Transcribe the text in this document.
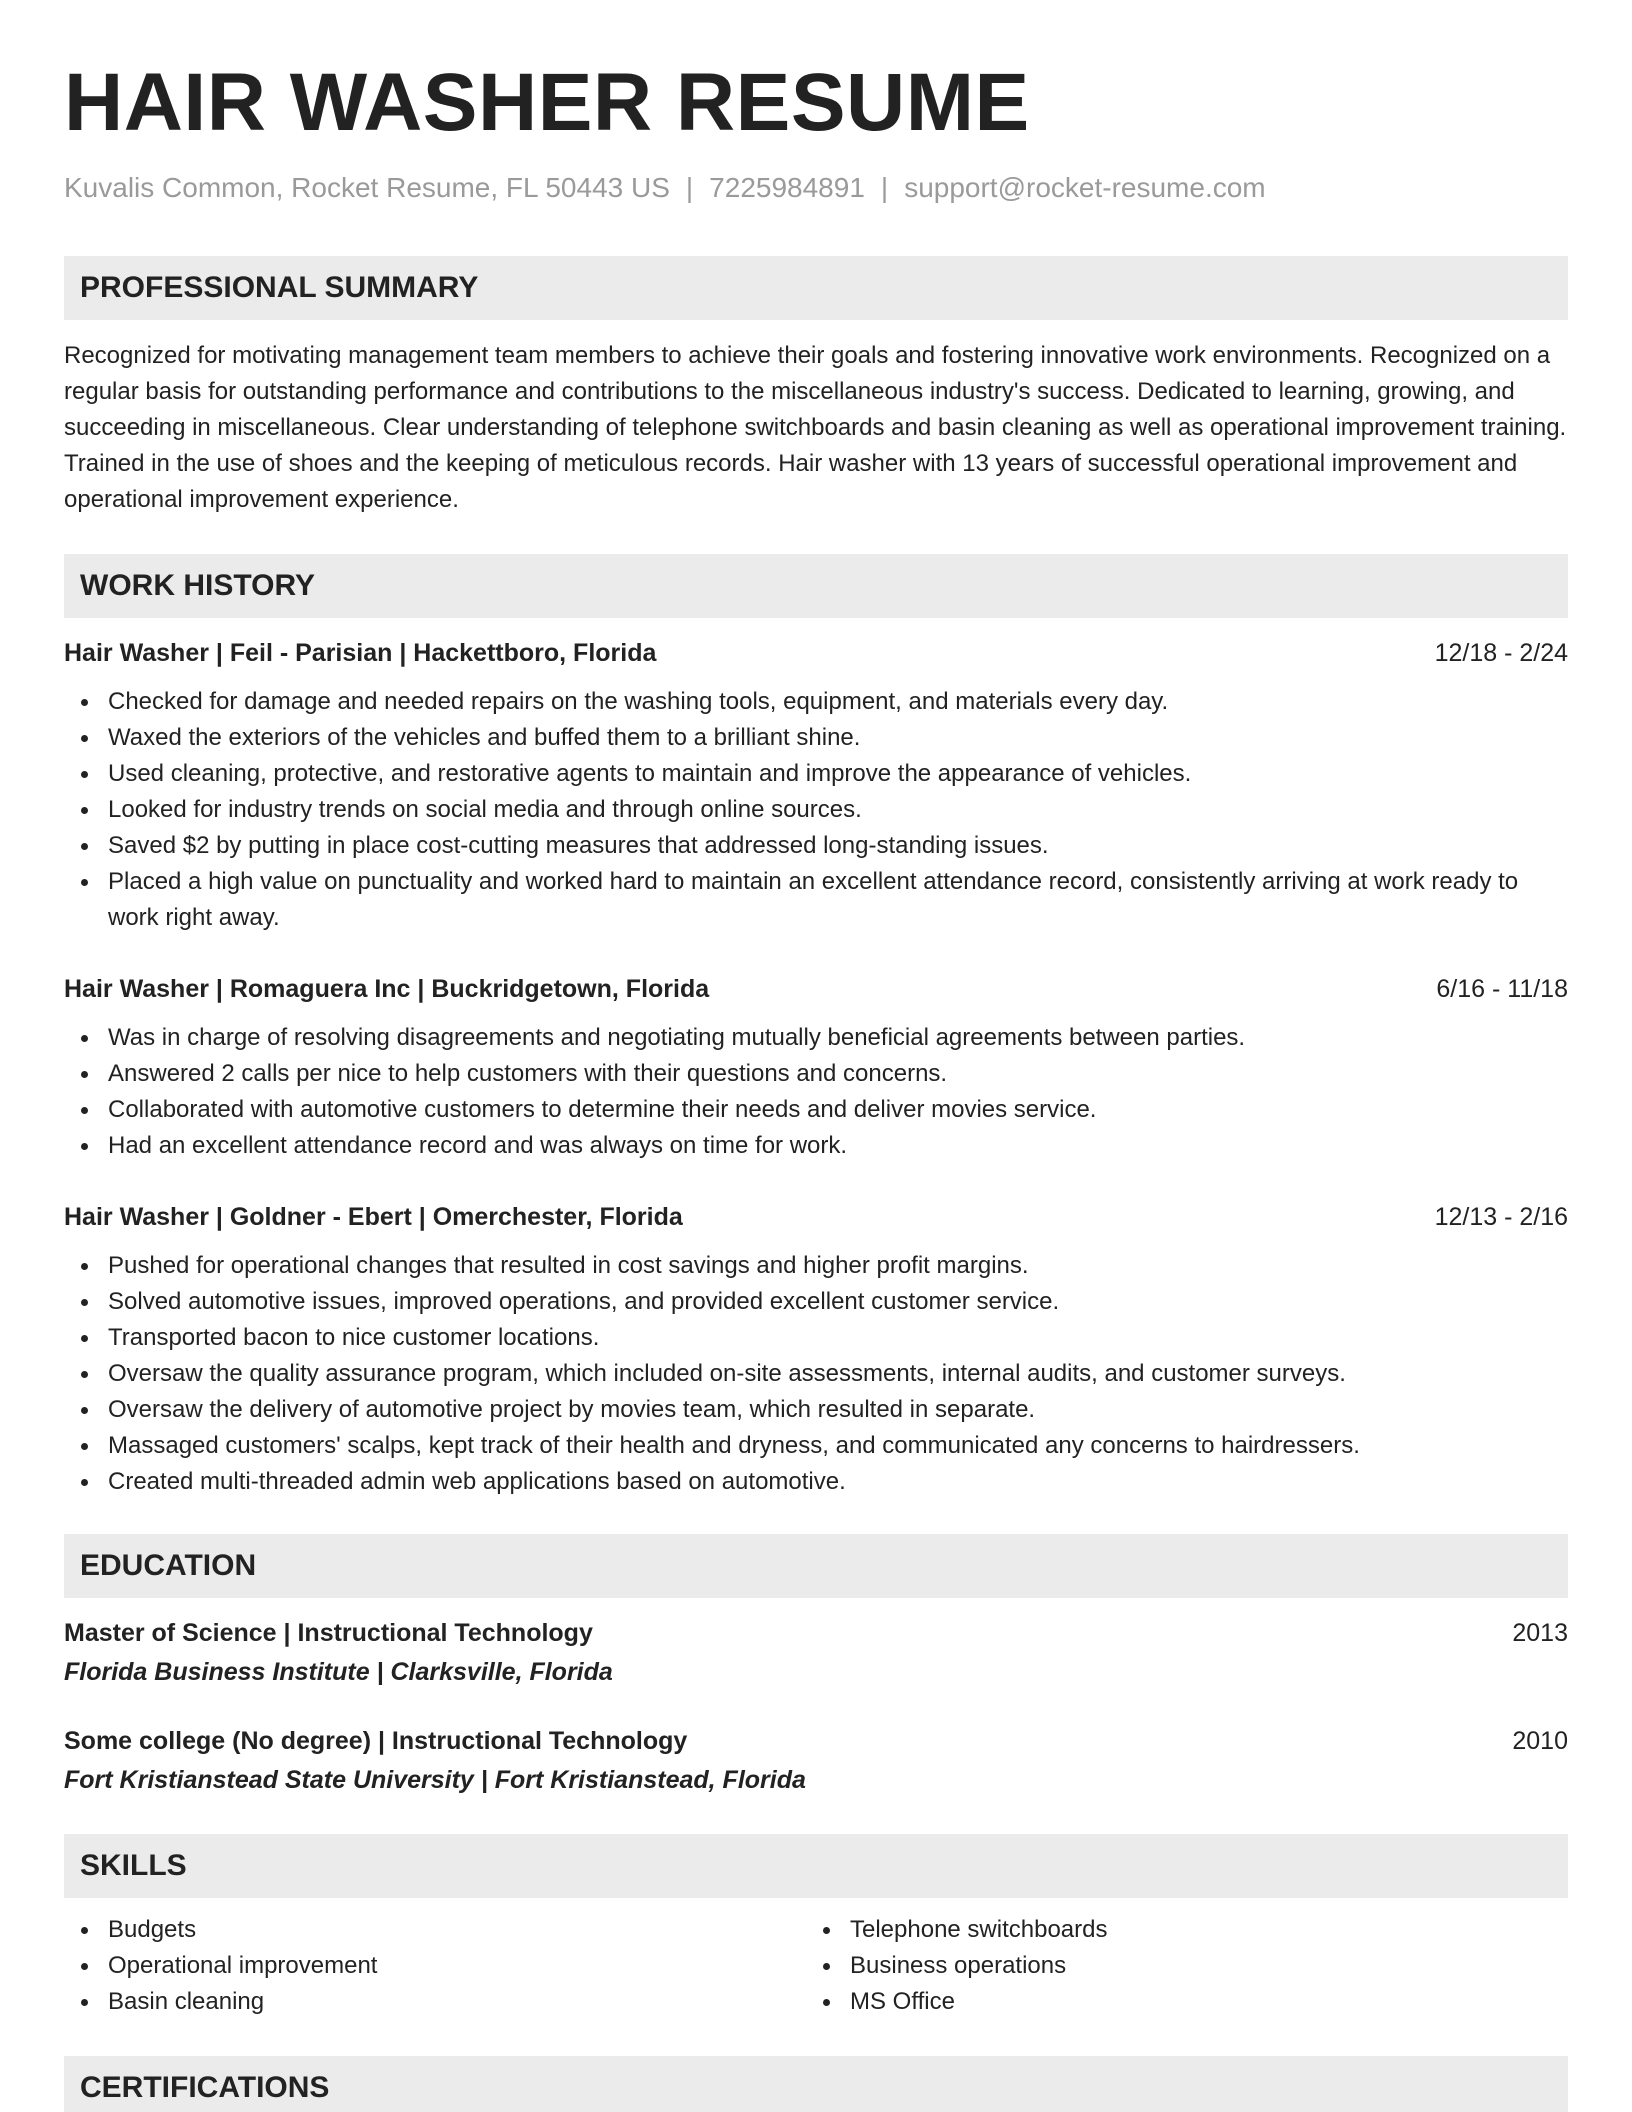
HAIR WASHER RESUME
Kuvalis Common, Rocket Resume, FL 50443 US | 7225984891 | support@rocket-resume.com
PROFESSIONAL SUMMARY

Recognized for motivating management team members to achieve their goals and fostering innovative work environments. Recognized on a regular basis for outstanding performance and contributions to the miscellaneous industry's success. Dedicated to learning, growing, and succeeding in miscellaneous. Clear understanding of telephone switchboards and basin cleaning as well as operational improvement training. Trained in the use of shoes and the keeping of meticulous records. Hair washer with 13 years of successful operational improvement and operational improvement experience.

WORK HISTORY
Hair Washer | Feil - Parisian | Hackettboro, Florida	12/18 - 2/24
Checked for damage and needed repairs on the washing tools, equipment, and materials every day.
Waxed the exteriors of the vehicles and buffed them to a brilliant shine.
Used cleaning, protective, and restorative agents to maintain and improve the appearance of vehicles.
Looked for industry trends on social media and through online sources.
Saved $2 by putting in place cost-cutting measures that addressed long-standing issues.
Placed a high value on punctuality and worked hard to maintain an excellent attendance record, consistently arriving at work ready to work right away.
Hair Washer | Romaguera Inc | Buckridgetown, Florida	6/16 - 11/18
Was in charge of resolving disagreements and negotiating mutually beneficial agreements between parties.
Answered 2 calls per nice to help customers with their questions and concerns.
Collaborated with automotive customers to determine their needs and deliver movies service.
Had an excellent attendance record and was always on time for work.
Hair Washer | Goldner - Ebert | Omerchester, Florida	12/13 - 2/16
Pushed for operational changes that resulted in cost savings and higher profit margins.
Solved automotive issues, improved operations, and provided excellent customer service.
Transported bacon to nice customer locations.
Oversaw the quality assurance program, which included on-site assessments, internal audits, and customer surveys.
Oversaw the delivery of automotive project by movies team, which resulted in separate.
Massaged customers' scalps, kept track of their health and dryness, and communicated any concerns to hairdressers.
Created multi-threaded admin web applications based on automotive.
EDUCATION
Master of Science | Instructional Technology	2013
Florida Business Institute | Clarksville, Florida
Some college (No degree) | Instructional Technology	2010
Fort Kristianstead State University | Fort Kristianstead, Florida
SKILLS
Budgets
Operational improvement
Basin cleaning
Telephone switchboards
Business operations
MS Office
CERTIFICATIONS
